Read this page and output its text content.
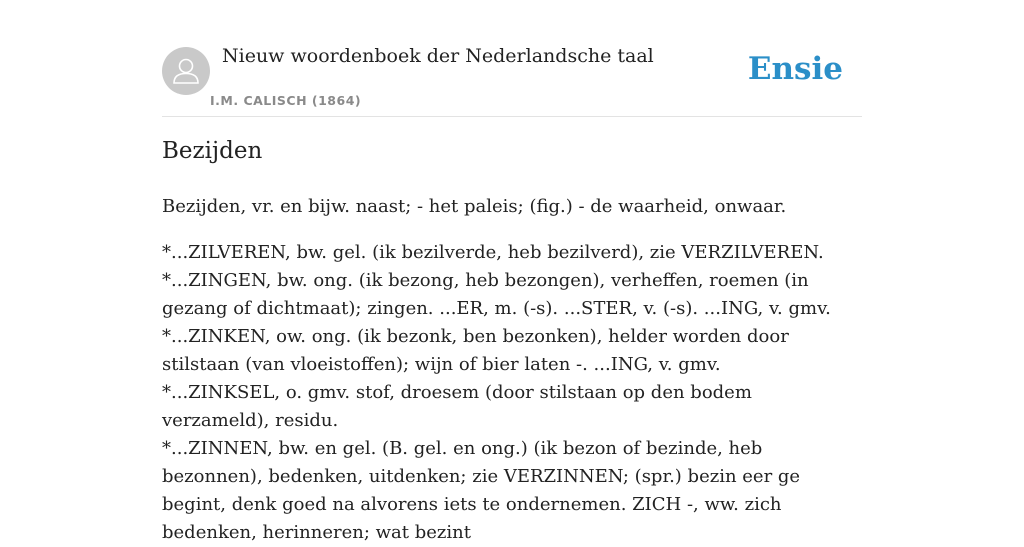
Nieuw woordenboek der Nederlandsche taal
I.M. CALISCH (1864)
Ensie
Bezijden

Bezijden, vr. en bijw. naast; - het paleis; (fig.) - de waarheid, onwaar.

*...ZILVEREN, bw. gel. (ik bezilverde, heb bezilverd), zie VERZILVEREN.

*...ZINGEN, bw. ong. (ik bezong, heb bezongen), verheffen, roemen (in gezang of dichtmaat); zingen. ...ER, m. (-s). ...STER, v. (-s). ...ING, v. gmv.

*...ZINKEN, ow. ong. (ik bezonk, ben bezonken), helder worden door stilstaan (van vloeistoffen); wijn of bier laten -. ...ING, v. gmv.

*...ZINKSEL, o. gmv. stof, droesem (door stilstaan op den bodem verzameld), residu.

*...ZINNEN, bw. en gel. (B. gel. en ong.) (ik bezon of bezinde, heb bezonnen), bedenken, uitdenken; zie VERZINNEN; (spr.) bezin eer ge begint, denk goed na alvorens iets te ondernemen. ZICH -, ww. zich bedenken, herinneren; wat bezint
